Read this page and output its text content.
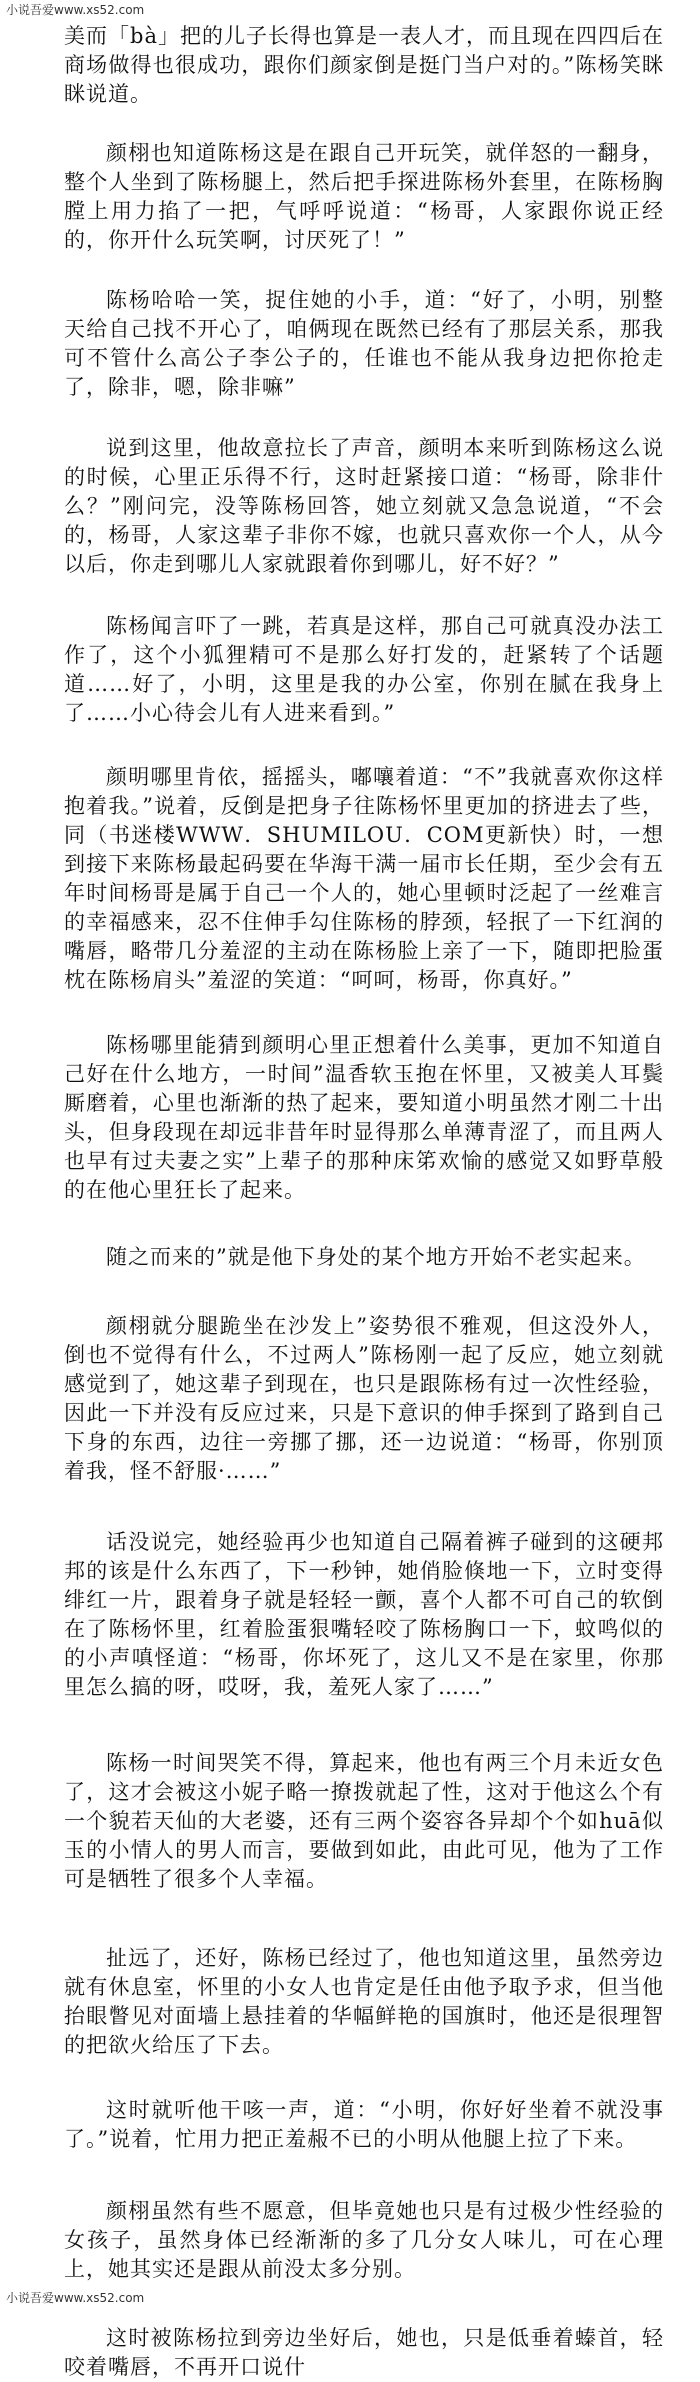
小说吾爱www.xs52.com

美而「bà」把的儿子长得也算是一表人才，而且现在四四后在商场做得也很成功，跟你们颜家倒是挺门当户对的。”陈杨笑眯眯说道。

颜栩也知道陈杨这是在跟自己开玩笑，就佯怒的一翻身，整个人坐到了陈杨腿上，然后把手探进陈杨外套里，在陈杨胸膛上用力掐了一把，气呼呼说道：“杨哥，人家跟你说正经的，你开什么玩笑啊，讨厌死了！”

陈杨哈哈一笑，捉住她的小手，道：“好了，小明，别整天给自己找不开心了，咱俩现在既然已经有了那层关系，那我可不管什么高公子李公子的，任谁也不能从我身边把你抢走了，除非，嗯，除非嘛”

说到这里，他故意拉长了声音，颜明本来听到陈杨这么说的时候，心里正乐得不行，这时赶紧接口道：“杨哥，除非什么？”刚问完，没等陈杨回答，她立刻就又急急说道，“不会的，杨哥，人家这辈子非你不嫁，也就只喜欢你一个人，从今以后，你走到哪儿人家就跟着你到哪儿，好不好？”

陈杨闻言吓了一跳，若真是这样，那自己可就真没办法工作了，这个小狐狸精可不是那么好打发的，赶紧转了个话题道……好了，小明，这里是我的办公室，你别在腻在我身上了……小心待会儿有人进来看到。”

颜明哪里肯依，摇摇头，嘟嚷着道：“不”我就喜欢你这样抱着我。”说着，反倒是把身子往陈杨怀里更加的挤进去了些，同（书迷楼WWW．SHUMILOU．COM更新快）时，一想到接下来陈杨最起码要在华海干满一届市长任期，至少会有五年时间杨哥是属于自己一个人的，她心里顿时泛起了一丝难言的幸福感来，忍不住伸手勾住陈杨的脖颈，轻抿了一下红润的嘴唇，略带几分羞涩的主动在陈杨脸上亲了一下，随即把脸蛋枕在陈杨肩头”羞涩的笑道：“呵呵，杨哥，你真好。”

陈杨哪里能猜到颜明心里正想着什么美事，更加不知道自己好在什么地方，一时间”温香软玉抱在怀里，又被美人耳鬓厮磨着，心里也渐渐的热了起来，要知道小明虽然才刚二十出头，但身段现在却远非昔年时显得那么单薄青涩了，而且两人也早有过夫妻之实”上辈子的那种床笫欢愉的感觉又如野草般的在他心里狂长了起来。

随之而来的”就是他下身处的某个地方开始不老实起来。

颜栩就分腿跪坐在沙发上”姿势很不雅观，但这没外人，倒也不觉得有什么，不过两人”陈杨刚一起了反应，她立刻就感觉到了，她这辈子到现在，也只是跟陈杨有过一次性经验，因此一下并没有反应过来，只是下意识的伸手探到了路到自己下身的东西，边往一旁挪了挪，还一边说道：“杨哥，你别顶着我，怪不舒服·……”

话没说完，她经验再少也知道自己隔着裤子碰到的这硬邦邦的该是什么东西了，下一秒钟，她俏脸倏地一下，立时变得绯红一片，跟着身子就是轻轻一颤，喜个人都不可自己的软倒在了陈杨怀里，红着脸蛋狠嘴轻咬了陈杨胸口一下，蚊鸣似的的小声嗔怪道：“杨哥，你坏死了，这儿又不是在家里，你那里怎么搞的呀，哎呀，我，羞死人家了……”

陈杨一时间哭笑不得，算起来，他也有两三个月未近女色了，这才会被这小妮子略一撩拨就起了性，这对于他这么个有一个貌若天仙的大老婆，还有三两个姿容各异却个个如huā似玉的小情人的男人而言，要做到如此，由此可见，他为了工作可是牺牲了很多个人幸福。

扯远了，还好，陈杨已经过了，他也知道这里，虽然旁边就有休息室，怀里的小女人也肯定是任由他予取予求，但当他抬眼瞥见对面墙上悬挂着的华幅鲜艳的国旗时，他还是很理智的把欲火给压了下去。

这时就听他干咳一声，道：“小明，你好好坐着不就没事了。”说着，忙用力把正羞赧不已的小明从他腿上拉了下来。

颜栩虽然有些不愿意，但毕竟她也只是有过极少性经验的女孩子，虽然身体已经渐渐的多了几分女人味儿，可在心理上，她其实还是跟从前没太多分别。

这时被陈杨拉到旁边坐好后，她也，只是低垂着螓首，轻咬着嘴唇，不再开口说什

小说吾爱www.xs52.com
